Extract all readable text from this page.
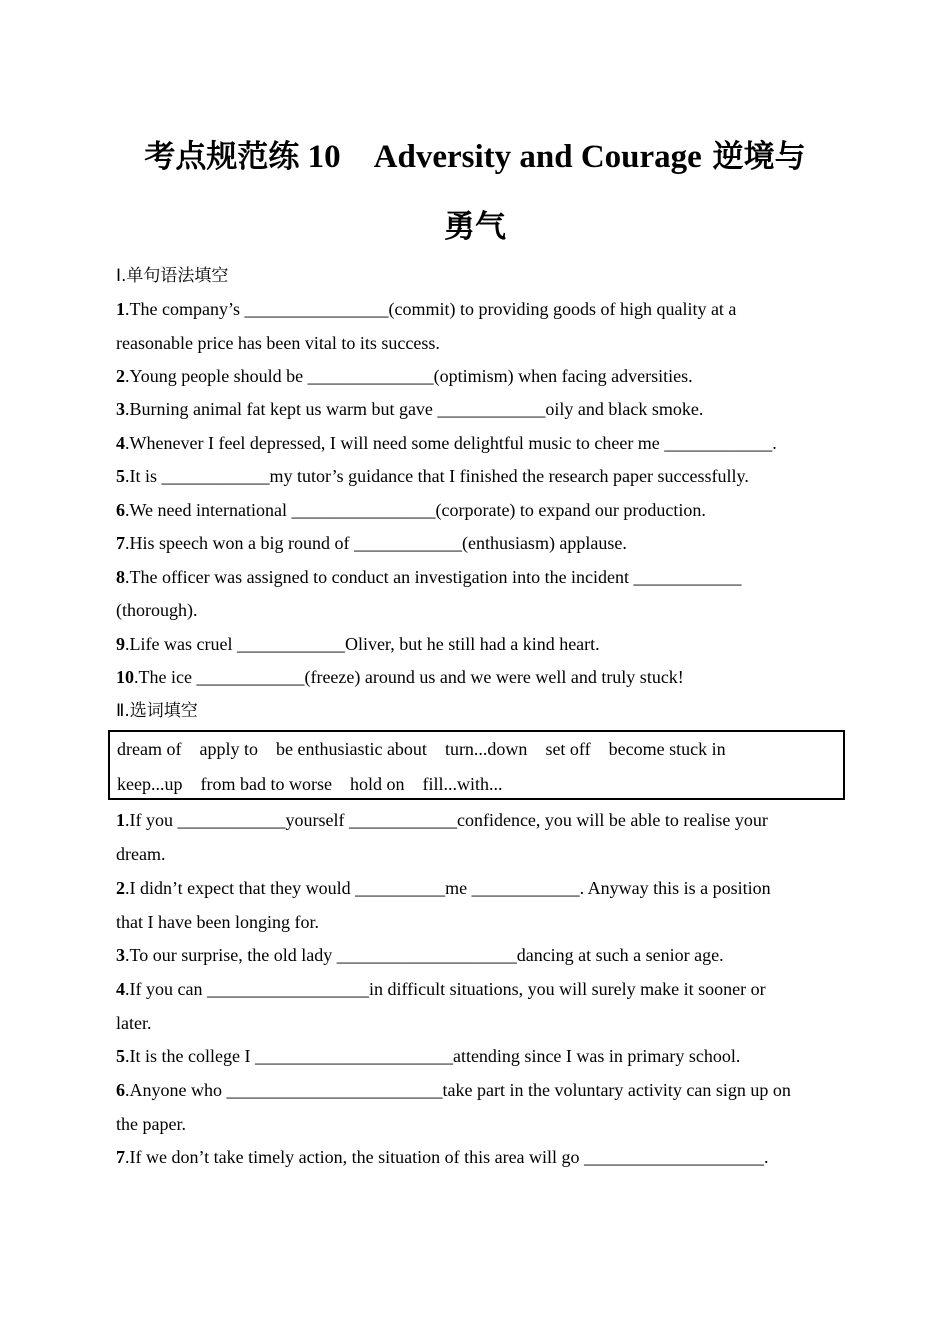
考点规范练 10    Adversity and Courage 逆境与
勇气
Ⅰ.单句语法填空
1.The company’s ________________(commit) to providing goods of high quality at a
reasonable price has been vital to its success.
2.Young people should be ______________(optimism) when facing adversities.
3.Burning animal fat kept us warm but gave ____________oily and black smoke.
4.Whenever I feel depressed, I will need some delightful music to cheer me ____________.
5.It is ____________my tutor’s guidance that I finished the research paper successfully.
6.We need international ________________(corporate) to expand our production.
7.His speech won a big round of ____________(enthusiasm) applause.
8.The officer was assigned to conduct an investigation into the incident ____________
(thorough).
9.Life was cruel ____________Oliver, but he still had a kind heart.
10.The ice ____________(freeze) around us and we were well and truly stuck!
Ⅱ.选词填空
dream of apply to be enthusiastic about turn...down set off become stuck in
keep...up from bad to worse hold on fill...with...
1.If you ____________yourself ____________confidence, you will be able to realise your
dream.
2.I didn’t expect that they would __________me ____________. Anyway this is a position
that I have been longing for.
3.To our surprise, the old lady ____________________dancing at such a senior age.
4.If you can __________________in difficult situations, you will surely make it sooner or
later.
5.It is the college I ______________________attending since I was in primary school.
6.Anyone who ________________________take part in the voluntary activity can sign up on
the paper.
7.If we don’t take timely action, the situation of this area will go ____________________.
